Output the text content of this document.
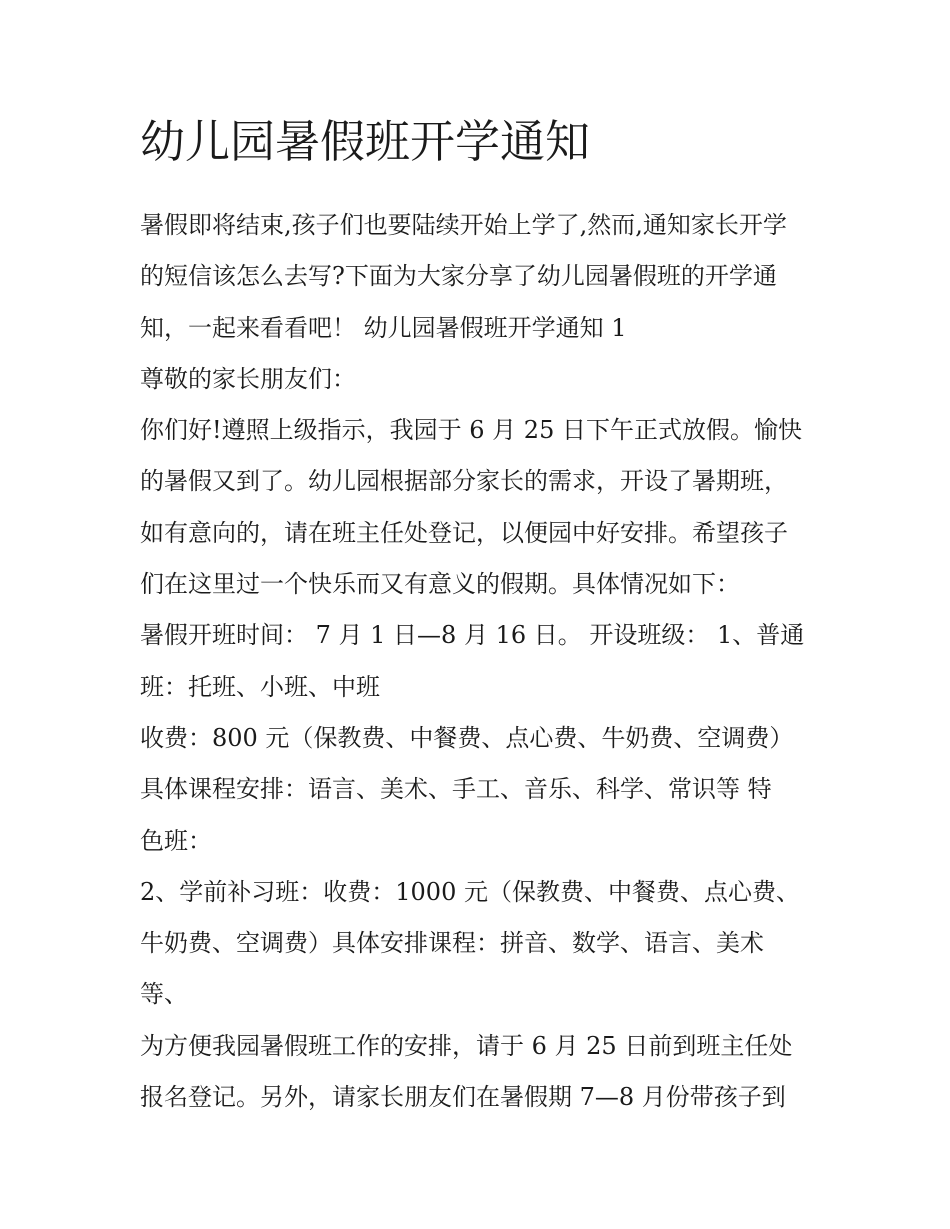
幼儿园暑假班开学通知
暑假即将结束,孩子们也要陆续开始上学了,然而,通知家长开学
的短信该怎么去写?下面为大家分享了幼儿园暑假班的开学通
知，一起来看看吧！ 幼儿园暑假班开学通知 1
尊敬的家长朋友们：
你们好!遵照上级指示，我园于 6 月 25 日下午正式放假。愉快
的暑假又到了。幼儿园根据部分家长的需求，开设了暑期班，
如有意向的，请在班主任处登记，以便园中好安排。希望孩子
们在这里过一个快乐而又有意义的假期。具体情况如下：
暑假开班时间： 7 月 1 日—8 月 16 日。 开设班级： 1、普通
班：托班、小班、中班
收费：800 元（保教费、中餐费、点心费、牛奶费、空调费）
具体课程安排：语言、美术、手工、音乐、科学、常识等 特
色班：
2、学前补习班：收费：1000 元（保教费、中餐费、点心费、
牛奶费、空调费）具体安排课程：拼音、数学、语言、美术
等、
为方便我园暑假班工作的安排，请于 6 月 25 日前到班主任处
报名登记。另外，请家长朋友们在暑假期 7—8 月份带孩子到
